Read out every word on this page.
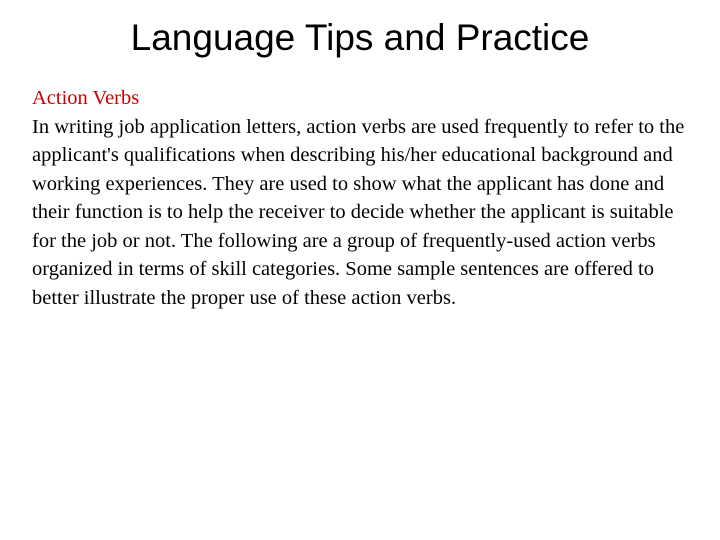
Language Tips and Practice
Action Verbs
In writing job application letters, action verbs are used frequently to refer to the applicant's qualifications when describing his/her educational background and working experiences. They are used to show what the applicant has done and their function is to help the receiver to decide whether the applicant is suitable for the job or not. The following are a group of frequently-used action verbs organized in terms of skill categories. Some sample sentences are offered to better illustrate the proper use of these action verbs.
